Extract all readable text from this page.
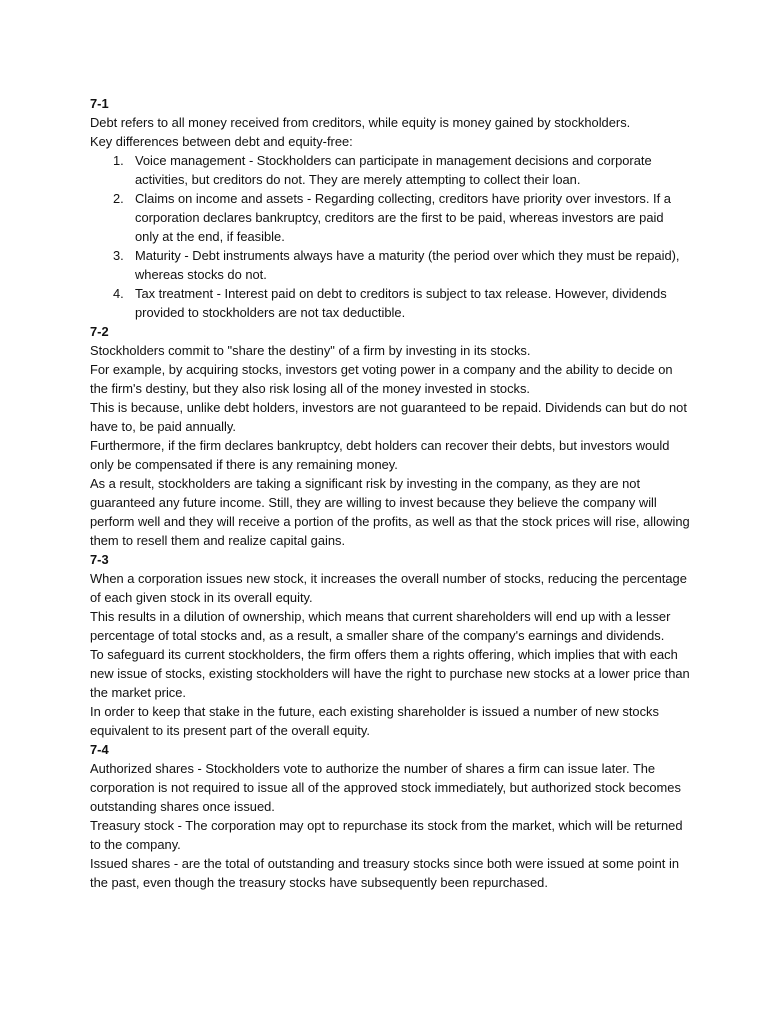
7-1

Debt refers to all money received from creditors, while equity is money gained by stockholders.

Key differences between debt and equity-free:

1. Voice management - Stockholders can participate in management decisions and corporate activities, but creditors do not. They are merely attempting to collect their loan.
2. Claims on income and assets - Regarding collecting, creditors have priority over investors. If a corporation declares bankruptcy, creditors are the first to be paid, whereas investors are paid only at the end, if feasible.
3. Maturity - Debt instruments always have a maturity (the period over which they must be repaid), whereas stocks do not.
4. Tax treatment - Interest paid on debt to creditors is subject to tax release. However, dividends provided to stockholders are not tax deductible.

7-2

Stockholders commit to "share the destiny" of a firm by investing in its stocks.

For example, by acquiring stocks, investors get voting power in a company and the ability to decide on the firm's destiny, but they also risk losing all of the money invested in stocks.

This is because, unlike debt holders, investors are not guaranteed to be repaid. Dividends can but do not have to, be paid annually.

Furthermore, if the firm declares bankruptcy, debt holders can recover their debts, but investors would only be compensated if there is any remaining money.

As a result, stockholders are taking a significant risk by investing in the company, as they are not guaranteed any future income. Still, they are willing to invest because they believe the company will perform well and they will receive a portion of the profits, as well as that the stock prices will rise, allowing them to resell them and realize capital gains.

7-3

When a corporation issues new stock, it increases the overall number of stocks, reducing the percentage of each given stock in its overall equity.

This results in a dilution of ownership, which means that current shareholders will end up with a lesser percentage of total stocks and, as a result, a smaller share of the company's earnings and dividends.

To safeguard its current stockholders, the firm offers them a rights offering, which implies that with each new issue of stocks, existing stockholders will have the right to purchase new stocks at a lower price than the market price.

In order to keep that stake in the future, each existing shareholder is issued a number of new stocks equivalent to its present part of the overall equity.

7-4

Authorized shares - Stockholders vote to authorize the number of shares a firm can issue later. The corporation is not required to issue all of the approved stock immediately, but authorized stock becomes outstanding shares once issued.

Treasury stock - The corporation may opt to repurchase its stock from the market, which will be returned to the company.

Issued shares - are the total of outstanding and treasury stocks since both were issued at some point in the past, even though the treasury stocks have subsequently been repurchased.
